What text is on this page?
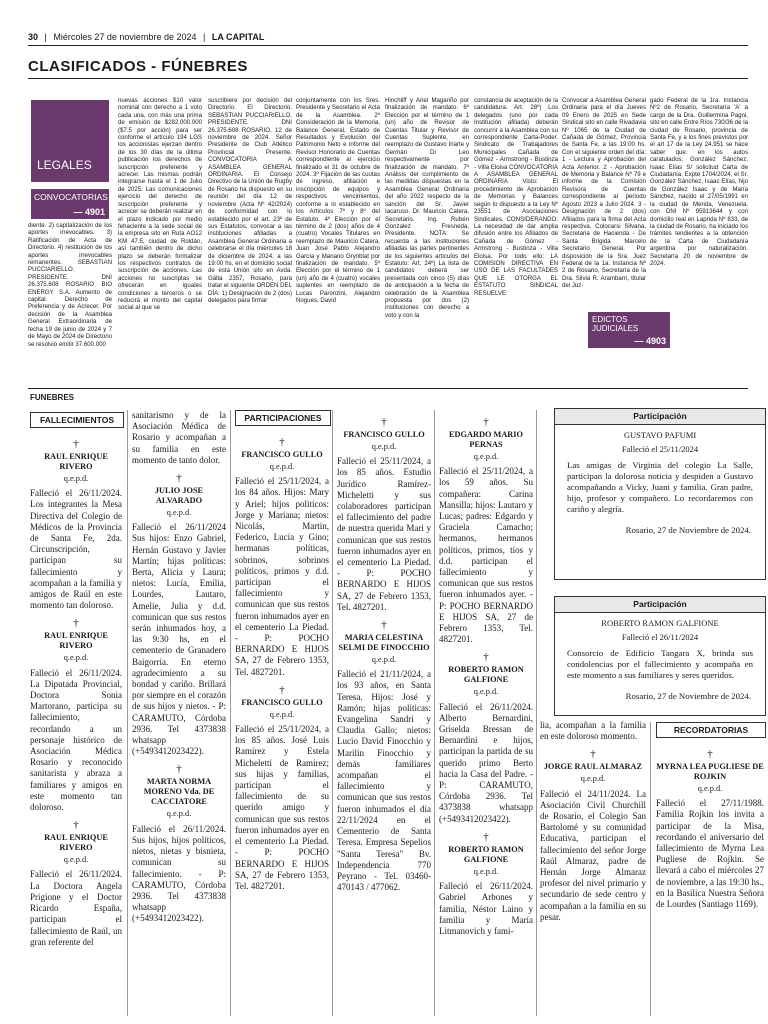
30 | Miércoles 27 de noviembre de 2024 | LA CAPITAL
CLASIFICADOS - FÚNEBRES
LEGALES
CONVOCATORIAS
— 4901
diente. 2) capitalización de los aportes irrevocables. 3) Ratificación de Acta de Directorio. 4) restitución de los aportes irrevocables remanentes. SEBASTIAN PUCCIARIELLO. PRESIDENTE. DNI 26.375.608 ROSARIO BIO ENERGY S.A. Aumento de capital. Derecho de Preferencia y de Acrecer. Por decisión de la Asamblea General Extraordinaria de fecha 19 de junio de 2024 y 7 de Mayo de 2024 de Directorio se resolvió emitir 37.600.000
nuevas acciones $10 valor nominal con derecho a 1 voto cada una, con más una prima de emisión de $282.000.000 ($7.5 por acción) para ser conforme el artículo 194 LGS los accionistas ejerzan dentro de los 30 días de la última publicación los derechos de suscripción preferente y acrecer. Las mismas podrán integrarse hasta el 1 de Julio de 2025. Las comunicaciones ejercicio del derecho de suscripción preferente y acrecer se deberán realizar en el plazo indicado por medio fehaciente a la sede social de la empresa sito en Ruta AO12 KM 47.5, ciudad de Roldán, así también dentro de dicho plazo se deberán formalizar los respectivos contratos de suscripción de acciones. Las acciones no suscriptas se ofrecerán en iguales condiciones a terceros o se reducirá el monto del capital social al que se
suscribiere por decisión del Directorio. El Directorio. SEBASTIAN PUCCIARIELLO. PRESIDENTE. DNI 26.375.608 ROSARIO, 12 de noviembre de 2024. Señor Presidente de Club Atlético Provincial Presente. CONVOCATORIA A ASAMBLEA GENERAL ORDINARIA. El Consejo Directivo de la Unión de Rugby de Rosario ha dispuesto en su reunión del día 12 de noviembre (Acta Nº 42/2024) de conformidad con lo establecido por el art. 23º de sus Estatutos, convocar a las instituciones afiliadas a Asamblea General Ordinaria a celebrarse el día miércoles 18 de diciembre de 2024, a las 19:00 hs, en el domicilio social de esta Unión sito en Avda. Gálta 2357, Rosario, para tratar el siguiente ORDEN DEL DÍA: 1) Designación de 2 (dos) delegados para firmar
conjuntamente con los Sres. Presidente y Secretario el Acta de la Asamblea. 2º Consideración de la Memoria, Balance General, Estado de Resultados y Evolución del Patrimonio Neto e informe del Revisor Honorario de Cuentas correspondiente al ejercicio finalizado el 31 de octubre de 2024. 3º Fijación de las cuotas de ingreso, afiliación e inscripción de equipos y respectivos vencimientos, conforme a lo establecido en los Artículos 7º y 8º del Estatuto. 4º Elección por el término de 2 (dos) años de 4 (cuatro) Vocales Titulares en reemplazo de Mauricio Catera, Juan José Pablo Alejandro García y Mariano Grynblat por finalización de mandato. 5º Elección por el término de 1 (un) año de 4 (cuatro) vocales suplentes en reemplazo de Lucas Paronzini, Alejandro Nogues, David
Hinchliff y Ariel Magariño por finalización de mandato. 6º Elección por el término de 1 (un) año de Revisor de Cuentas Titular y Revisor de Cuentas Suplente, en reemplazo de Gustavo Iriarte y Germán Di Leo respectivamente por finalización de mandato. 7º Análisis del cumplimiento de las medidas dispuestas en la Asamblea General Ordinaria del año 2022 respecto de la sanción del Sr. Javier Iacaruso. Dr. Mauricio Catera, Secretario. Ing. Rubén Gonzalez Fresneda, Presidente. NOTA: Se recuerda a las instituciones afiliadas las partes pertinentes de los siguientes artículos del Estatuto: Art. 24º) La lista de candidatos deberá ser presentada con cinco (5) días de anticipación a la fecha de celebración de la Asamblea propuesta por dos (2) instituciones con derecho a voto y con la
constancia de aceptación de la candidatura. Art. 28º) Los delegados (uno por cada Institución afiliada) deberán concurrir a la Asamblea con su correspondiente Carta-Poder. Sindicato de Trabajadores Municipales Cañada de Gómez - Armstrong - Bustinza - Villa Eloisa CONVOCATORIA A ASAMBLEA GENERAL ORDINARIA Visto: El procedimiento de Aprobación de Memorias y Balances según lo dispuesto a la Ley Nº 23551 de Asociaciones Sindicales. CONSIDERANDO: La necesidad de dar amplia difusión entre los Afiliados de Cañada de Gómez - Armstrong - Bustinza - Villa Eloisa. Por todo ello: LA COMISION DIRECTIVA EN USO DE LAS FACULTADES QUE LE OTORGA EL ESTATUTO SINDICAL RESUELVE:
Convocar a Asamblea General Ordinaria para el día Jueves 09 Enero de 2025 en Sede Sindical sito en calle Rivadavia Nº 1065 de la Ciudad de Cañada de Gómez, Provincia de Santa Fe, a las 19:00 hs. Con el siguiente orden del día: 1 - Lectura y Aprobación del Acta Anterior. 2 - Aprobación de Memoria y Balance Nº 79 e informe de la Comisión Revisora de Cuentas correspondiente al periodo Agosto 2023 a Julio 2024. 3 - Designación de 2 (dos) Afiliados para la firma del Acta respectiva. Colocarsi Silvana, Secretaria de Hacienda - De Santa Brigida Marcelo Secretario General. Por disposición de la Sra. Juez Federal de la 1a. Instancia Nº 2 de Rosario, Secretaría de la Dra. Silvia R. Arambarri, titular del Juz-
gado Federal de la 1ra. Instancia Nº2 de Rosario, Secretaría 'A' a cargo de la Dra. Guillermina Pagni, sito en calle Entre Ríos 730/36 de la ciudad de Rosario, provincia de Santa Fe, y a los fines previstos por el art 17 de la Ley 24.951 se hace saber que: en los autos caratulados: González Sánchez, Isaac Elías S/ solicitud Carta de Ciudadanía, Expte 1704/2024, el Sr. González Sánchez, Isaac Elías, hijo de González Isaac y de María Sánchez, nacido el 27/05/1991 en la ciudad de Merida, Venezuela, con DNI Nº 95913644 y con domicilio real en Laprida Nº 833, de la ciudad de Rosario, ha iniciado los trámites tendientes a la obtención de la Carta de Ciudadanía argentina por naturalización. Secretaría 20 de noviembre de 2024.
EDICTOS JUDICIALES
— 4903
FUNEBRES
FALLECIMIENTOS	PARTICIPACIONES
RECORDATORIAS
†
RAUL ENRIQUE RIVERO
q.e.p.d.

Falleció el 26/11/2024. Los integrantes la Mesa Directiva del Colegio de Médicos de la Provincia de Santa Fe, 2da. Circunscripción, participan su fallecimiento y acompañan a la familia y amigos de Raúl en este momento tan doloroso.

†
RAUL ENRIQUE RIVERO
q.e.p.d.

Falleció el 26/11/2024. La Diputada Provincial, Doctora Sonia Martorano, participa su fallecimiento, recordando a un personaje histórico de Asociación Médica Rosario y reconocido sanitarista y abraza a familiares y amigos en este momento tan doloroso.

†
RAUL ENRIQUE RIVERO
q.e.p.d.

Falleció el 26/11/2024. La Doctora Angela Prigione y el Doctor Ricardo España, participan el fallecimiento de Raúl, un gran referente del

sanitarismo y de la Asociación Médica de Rosario y acompañan a su familia en este momento de tanto dolor.

†
JULIO JOSE ALVARADO
q.e.p.d.

Falleció el 26/11/2024 Sus hijos: Enzo Gabriel, Hernán Gustavo y Javier Martín; hijas políticas: Berta, Alicia y Laura; nietos: Lucía, Emilia, Lourdes, Lautaro, Amelie, Julia y d.d. comunican que sus restos serán inhumados hoy, a las 9:30 hs, en el cementerio de Granadero Baigorria. En eterno agradecimiento a su bondad y cariño. Brillará por siempre en el corazón de sus hijos y nietos. - P: CARAMUTO, Córdoba 2936. Tel 4373838 whatsapp (+5493412023422).

†
MARTA NORMA MORENO Vda. DE CACCIATORE
q.e.p.d.

Falleció el 26/11/2024. Sus hijos, hijos políticos, nietos, nietas y bisnieta, comunican su fallecimiento. - P: CARAMUTO, Córdoba 2936. Tel 4373838 whatsapp (+5493412023422).

†
FRANCISCO GULLO
q.e.p.d.

Falleció el 25/11/2024, a los 84 años. Hijos: Mary y Ariel; hijos políticos: Jorge y Mariana; nietos: Nicolás, Martín, Federico, Lucía y Gino; hermanas políticas, sobrinos, sobrinos políticos, primos y d.d. participan el fallecimiento y comunican que sus restos fueron inhumados ayer en el cementerio La Piedad. - P: POCHO BERNARDO E HIJOS SA, 27 de Febrero 1353, Tel. 4827201.

†
FRANCISCO GULLO
q.e.p.d.

Falleció el 25/11/2024, a los 85 años. José Luis Ramírez y Estela Micheletti de Ramírez; sus hijas y familias, participan el fallecimiento de su querido amigo y comunican que sus restos fueron inhumados ayer en el cementerio La Piedad. - P: POCHO BERNARDO E HIJOS SA, 27 de Febrero 1353, Tel. 4827201.

†
FRANCISCO GULLO
q.e.p.d.

Falleció el 25/11/2024, a los 85 años. Estudio Jurídico Ramírez-Micheletti y sus colaboradores participan el fallecimiento del padre de nuestra querida Mari y comunican que sus restos fueron inhumados ayer en el cementerio La Piedad. - P: POCHO BERNARDO E HIJOS SA, 27 de Febrero 1353, Tel. 4827201.

†
MARIA CELESTINA SELMI DE FINOCCHIO
q.e.p.d.

Falleció el 21/11/2024, a los 93 años, en Santa Teresa. Hijos: José y Ramón; hijas políticas: Evangelina Sandri y Claudia Gallo; nietos: Lucio David Finocchio y Marilin Finocchio y demás familiares acompañan el fallecimiento y comunican que sus restos fueron inhumados el día 22/11/2024 en el Cementerio de Santa Teresa. Empresa Sepelios "Santa Teresa" Bv. Independencia 770 Peyrano - Tel. 03460-470143 / 477062.

†
EDGARDO MARIO PERNAS
q.e.p.d.

Falleció el 25/11/2024, a los 59 años. Su compañera: Carina Mansilla; hijos: Lautaro y Lucas; padres: Edgardo y Graciela Camacho; hermanos, hermanos políticos, primos, tíos y d.d. participan el fallecimiento y comunican que sus restos fueron inhumados ayer. - P: POCHO BERNARDO E HIJOS SA, 27 de Febrero 1353, Tel. 4827201.

†
ROBERTO RAMON GALFIONE
q.e.p.d.

Falleció el 26/11/2024. Alberto Bernardini, Griselda Bressan de Bernardini e hijos, participan la partida de su querido primo Berto hacia la Casa del Padre. - P: CARAMUTO, Córdoba 2936. Tel 4373838 whatsapp (+5493412023422).

†
ROBERTO RAMON GALFIONE
q.e.p.d.

Falleció el 26/11/2024. Gabriel Arbones y familia, Néstor Laino y familia y María Litmanovich y fami-

Participación
GUSTAVO PAFUMI
Falleció el 25/11/2024
Las amigas de Virginia del colegio La Salle, participan la dolorosa noticia y despiden a Gustavo acompañando a Vicky, Juani y familia. Gran padre, hijo, profesor y compañero. Lo recordaremos con cariño y alegría.
Rosario, 27 de Noviembre de 2024.
Participación
ROBERTO RAMON GALFIONE
Falleció el 26/11/2024
Consorcio de Edificio Tangara X, brinda sus condolencias por el fallecimiento y acompaña en este momento a sus familiares y seres queridos.
Rosario, 27 de Noviembre de 2024.

lia, acompañan a la familia en este doloroso momento.

†
JORGE RAUL ALMARAZ
q.e.p.d.

Falleció el 24/11/2024. La Asociación Civil Churchill de Rosario, el Colegio San Bartolomé y su comunidad Educativa, participan el fallecimiento del señor Jorge Raúl Almaraz, padre de Hernán Jorge Almaraz profesor del nivel primario y secundario de sede centro y acompañan a la familia en su pesar.

†
MYRNA LEA PUGLIESE DE ROJKIN
q.e.p.d.

Falleció el 27/11/1988. Familia Rojkin los invita a participar de la Misa, recordando el aniversario del fallecimiento de Myrna Lea Pugliese de Rojkin. Se llevará a cabo el miércoles 27 de noviembre, a las 19:30 hs., en la Basílica Nuestra Señora de Lourdes (Santiago 1169).
